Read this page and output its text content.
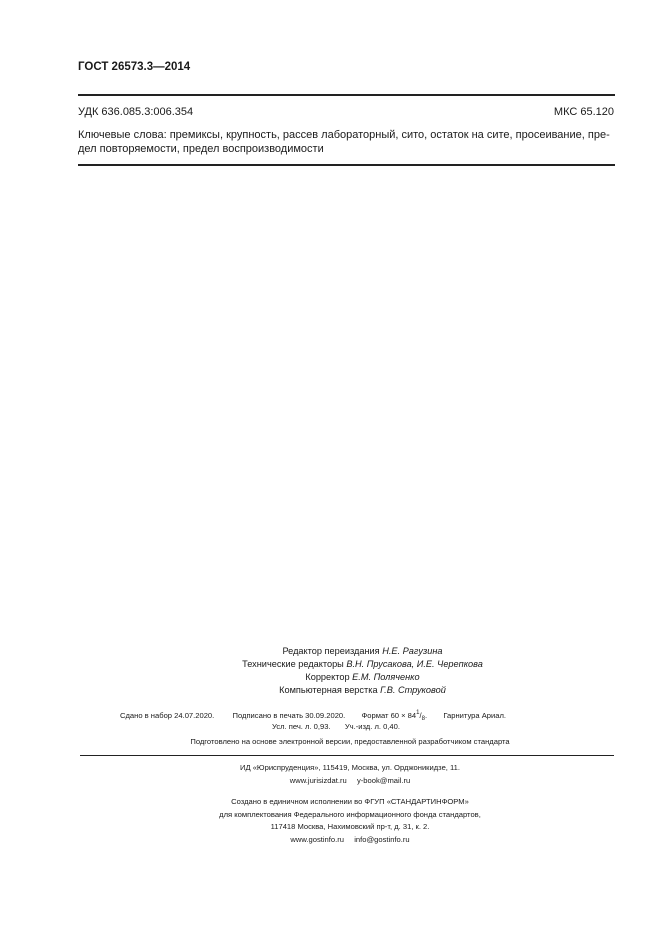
ГОСТ 26573.3—2014
УДК 636.085.3:006.354	МКС 65.120
Ключевые слова: премиксы, крупность, рассев лабораторный, сито, остаток на сите, просеивание, пре-
дел повторяемости, предел воспроизводимости
Редактор переиздания Н.Е. Рагузина
Технические редакторы В.Н. Прусакова, И.Е. Черепкова
Корректор Е.М. Поляченко
Компьютерная верстка Г.В. Струковой
Сдано в набор 24.07.2020. Подписано в печать 30.09.2020. Формат $60 \times 84^1/_8$. Гарнитура Ариал.
Усл. печ. л. 0,93. Уч.-изд. л. 0,40.
Подготовлено на основе электронной версии, предоставленной разработчиком стандарта
ИД «Юриспруденция», 115419, Москва, ул. Орджоникидзе, 11.
www.jurisizdat.ru y-book@mail.ru
Создано в единичном исполнении во ФГУП «СТАНДАРТИНФОРМ»
для комплектования Федерального информационного фонда стандартов,
117418 Москва, Нахимовский пр-т, д. 31, к. 2.
www.gostinfo.ru info@gostinfo.ru
